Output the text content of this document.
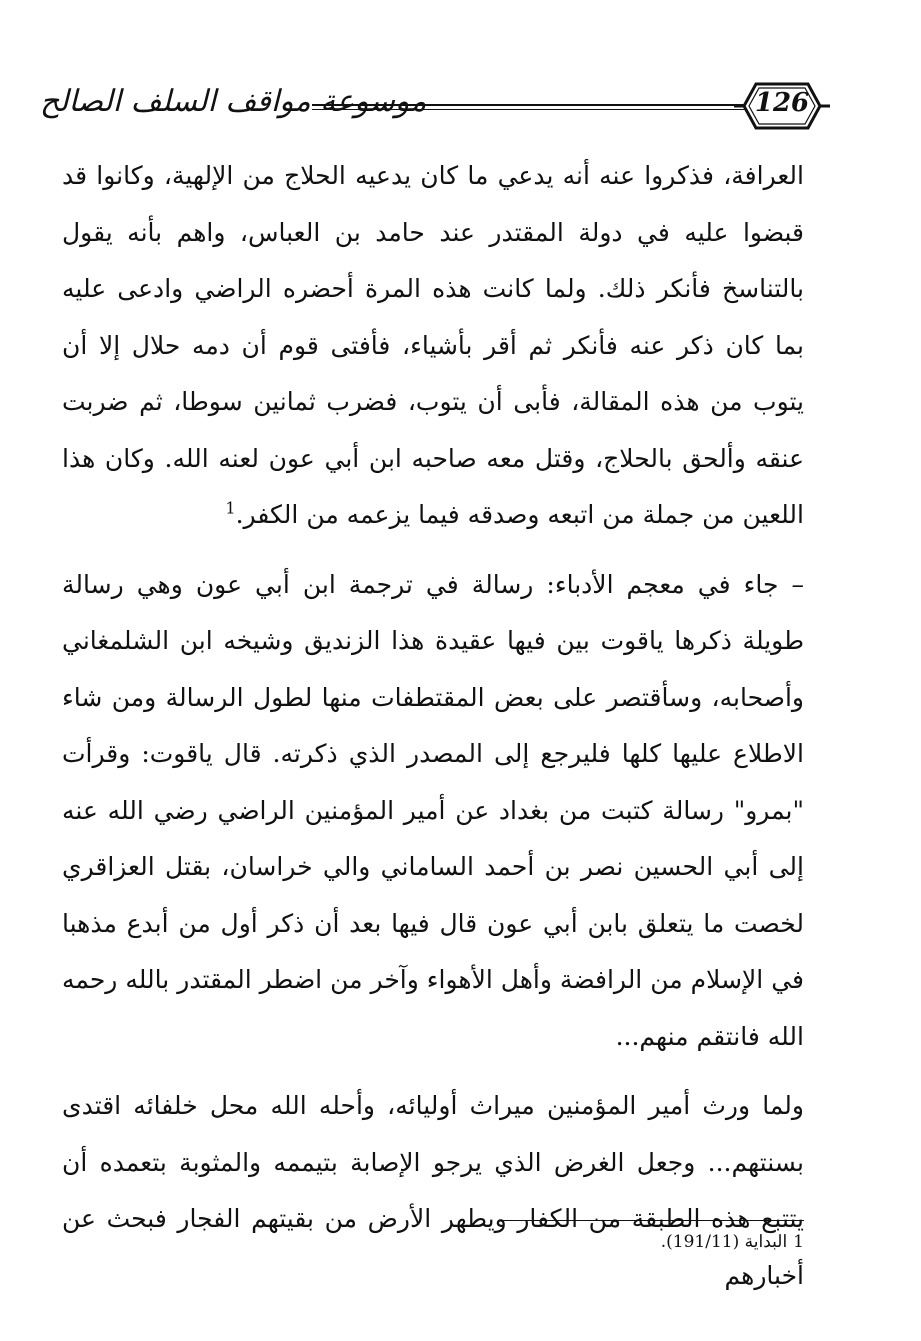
موسوعة مواقف السلف الصالح	126

العرافة، فذكروا عنه أنه يدعي ما كان يدعيه الحلاج من الإلهية، وكانوا قد قبضوا عليه في دولة المقتدر عند حامد بن العباس، واهم بأنه يقول بالتناسخ فأنكر ذلك. ولما كانت هذه المرة أحضره الراضي وادعى عليه بما كان ذكر عنه فأنكر ثم أقر بأشياء، فأفتى قوم أن دمه حلال إلا أن يتوب من هذه المقالة، فأبى أن يتوب، فضرب ثمانين سوطا، ثم ضربت عنقه وألحق بالحلاج، وقتل معه صاحبه ابن أبي عون لعنه الله. وكان هذا اللعين من جملة من اتبعه وصدقه فيما يزعمه من الكفر.$^1$

– جاء في معجم الأدباء: رسالة في ترجمة ابن أبي عون وهي رسالة طويلة ذكرها ياقوت بين فيها عقيدة هذا الزنديق وشيخه ابن الشلمغاني وأصحابه، وسأقتصر على بعض المقتطفات منها لطول الرسالة ومن شاء الاطلاع عليها كلها فليرجع إلى المصدر الذي ذكرته. قال ياقوت: وقرأت "بمرو" رسالة كتبت من بغداد عن أمير المؤمنين الراضي رضي الله عنه إلى أبي الحسين نصر بن أحمد الساماني والي خراسان، بقتل العزاقري لخصت ما يتعلق بابن أبي عون قال فيها بعد أن ذكر أول من أبدع مذهبا في الإسلام من الرافضة وأهل الأهواء وآخر من اضطر المقتدر بالله رحمه الله فانتقم منهم...

ولما ورث أمير المؤمنين ميراث أوليائه، وأحله الله محل خلفائه اقتدى بسنتهم... وجعل الغرض الذي يرجو الإصابة بتيممه والمثوبة بتعمده أن يتتبع هذه الطبقة من الكفار ويطهر الأرض من بقيتهم الفجار فبحث عن أخبارهم

1البداية (191/11).
